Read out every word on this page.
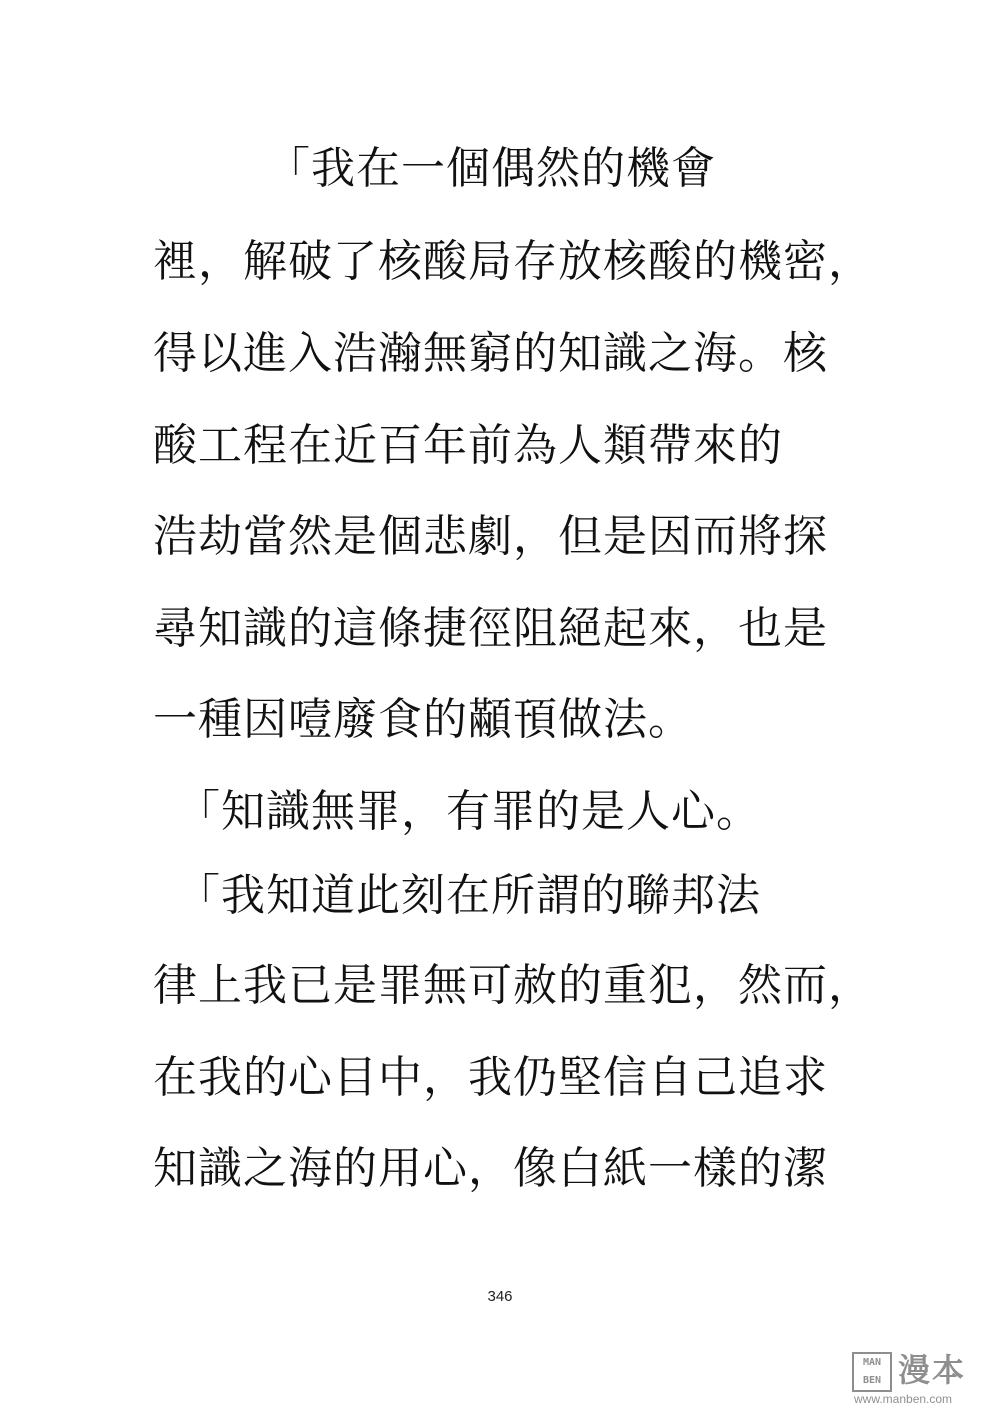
　　　「我在一個偶然的機會
裡，解破了核酸局存放核酸的機密，
得以進入浩瀚無窮的知識之海。核
酸工程在近百年前為人類帶來的
浩劫當然是個悲劇，但是因而將探
尋知識的這條捷徑阻絕起來，也是
一種因噎廢食的顢頇做法。
　「知識無罪，有罪的是人心。
　「我知道此刻在所謂的聯邦法
律上我已是罪無可赦的重犯，然而，
在我的心目中，我仍堅信自己追求
知識之海的用心，像白紙一樣的潔
346
MAN BEN 漫本
www.manben.com
